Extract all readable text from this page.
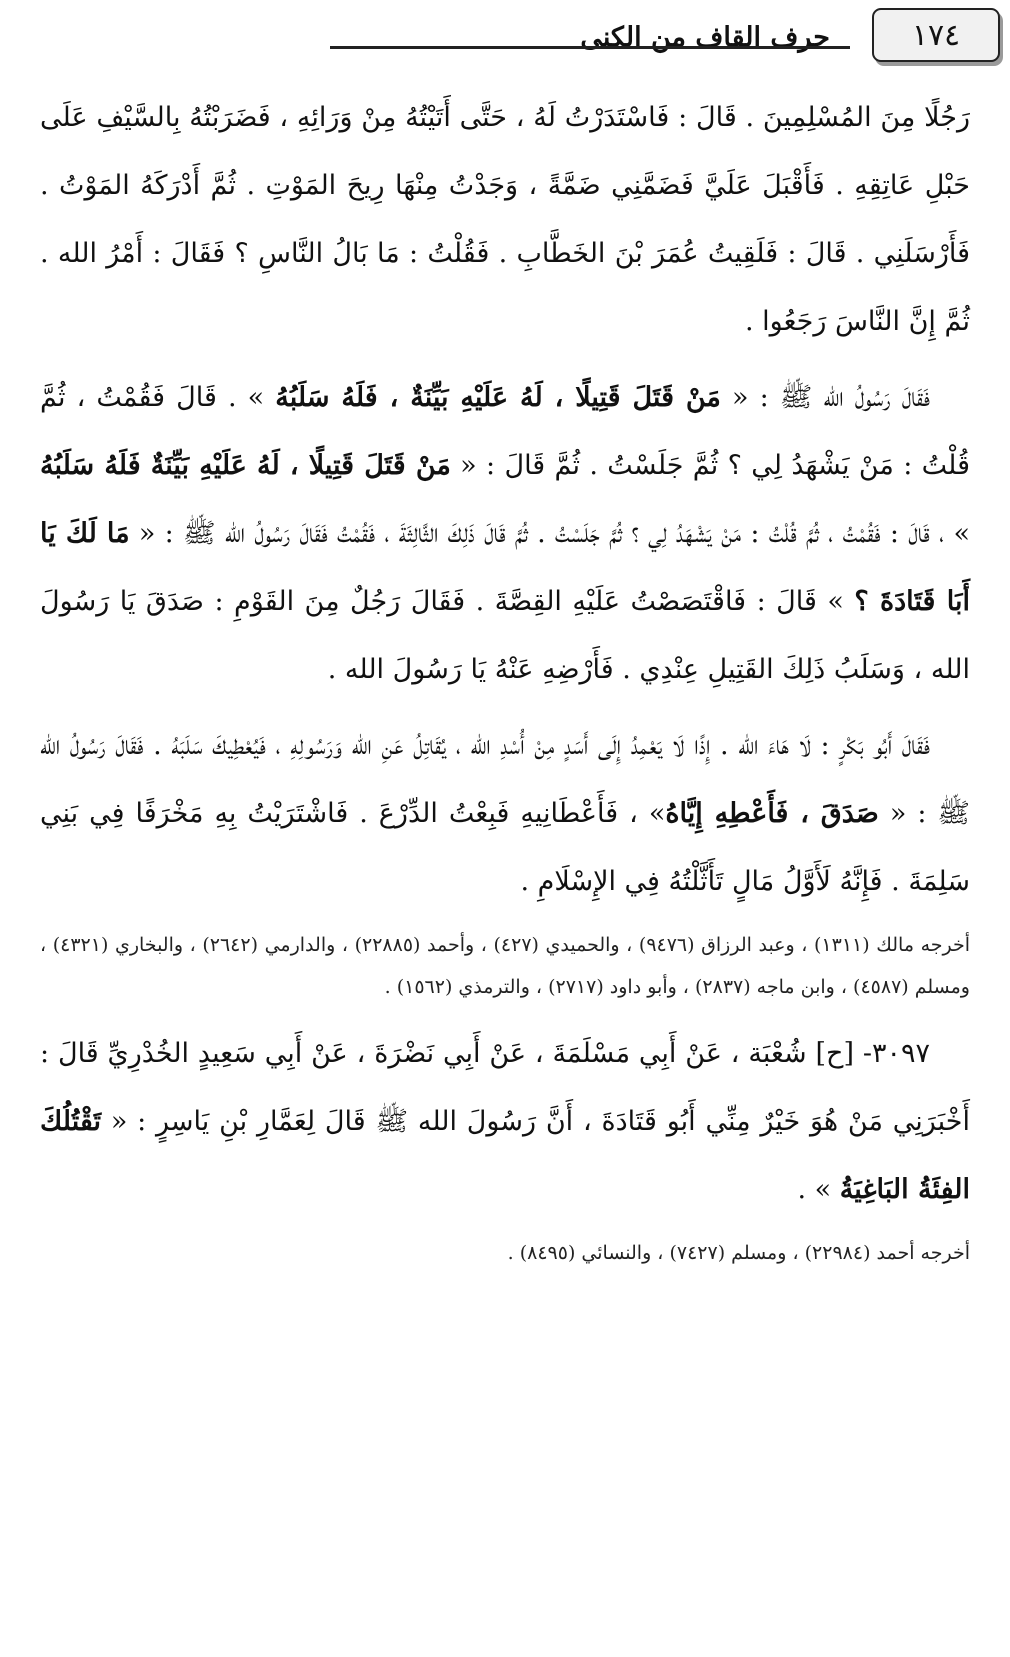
١٧٤
حرف القاف من الكنى

رَجُلًا مِنَ المُسْلِمِينَ . قَالَ : فَاسْتَدَرْتُ لَهُ ، حَتَّى أَتَيْتُهُ مِنْ وَرَائِهِ ، فَضَرَبْتُهُ بِالسَّيْفِ عَلَى حَبْلِ عَاتِقِهِ . فَأَقْبَلَ عَلَيَّ فَضَمَّنِي ضَمَّةً ، وَجَدْتُ مِنْهَا رِيحَ المَوْتِ . ثُمَّ أَدْرَكَهُ المَوْتُ . فَأَرْسَلَنِي . قَالَ : فَلَقِيتُ عُمَرَ بْنَ الخَطَّابِ . فَقُلْتُ : مَا بَالُ النَّاسِ ؟ فَقَالَ : أَمْرُ الله . ثُمَّ إِنَّ النَّاسَ رَجَعُوا .

فَقَالَ رَسُولُ الله ﷺ : « مَنْ قَتَلَ قَتِيلًا ، لَهُ عَلَيْهِ بَيِّنَةٌ ، فَلَهُ سَلَبُهُ » . قَالَ فَقُمْتُ ، ثُمَّ قُلْتُ : مَنْ يَشْهَدُ لِي ؟ ثُمَّ جَلَسْتُ . ثُمَّ قَالَ : « مَنْ قَتَلَ قَتِيلًا ، لَهُ عَلَيْهِ بَيِّنَةٌ فَلَهُ سَلَبُهُ » ، قَالَ : فَقُمْتُ ، ثُمَّ قُلْتُ : مَنْ يَشْهَدُ لِي ؟ ثُمَّ جَلَسْتُ . ثُمَّ قَالَ ذَلِكَ الثَّالِثَةَ ، فَقُمْتُ فَقَالَ رَسُولُ الله ﷺ : « مَا لَكَ يَا أَبَا قَتَادَةَ ؟ » قَالَ : فَاقْتَصَصْتُ عَلَيْهِ القِصَّةَ . فَقَالَ رَجُلٌ مِنَ القَوْمِ : صَدَقَ يَا رَسُولَ الله ، وَسَلَبُ ذَلِكَ القَتِيلِ عِنْدِي . فَأَرْضِهِ عَنْهُ يَا رَسُولَ الله .

فَقَالَ أَبُو بَكْرٍ : لَا هَاءَ الله . إِذًا لَا يَعْمِدُ إِلَى أَسَدٍ مِنْ أُسْدِ الله ، يُقَاتِلُ عَنِ الله وَرَسُولِهِ ، فَيُعْطِيكَ سَلَبَهُ . فَقَالَ رَسُولُ الله ﷺ : « صَدَقَ ، فَأَعْطِهِ إِيَّاهُ» ، فَأَعْطَانِيهِ فَبِعْتُ الدِّرْعَ . فَاشْتَرَيْتُ بِهِ مَخْرَفًا فِي بَنِي سَلِمَةَ . فَإِنَّهُ لَأَوَّلُ مَالٍ تَأَثَّلْتُهُ فِي الإِسْلَامِ .

أخرجه مالك (١٣١١) ، وعبد الرزاق (٩٤٧٦) ، والحميدي (٤٢٧) ، وأحمد (٢٢٨٨٥) ، والدارمي (٢٦٤٢) ، والبخاري (٤٣٢١) ، ومسلم (٤٥٨٧) ، وابن ماجه (٢٨٣٧) ، وأبو داود (٢٧١٧) ، والترمذي (١٥٦٢) .

٣٠٩٧- [ح] شُعْبَة ، عَنْ أَبِي مَسْلَمَةَ ، عَنْ أَبِي نَضْرَةَ ، عَنْ أَبِي سَعِيدٍ الخُدْرِيِّ قَالَ : أَخْبَرَنِي مَنْ هُوَ خَيْرٌ مِنِّي أَبُو قَتَادَةَ ، أَنَّ رَسُولَ الله ﷺ قَالَ لِعَمَّارِ بْنِ يَاسِرٍ : « تَقْتُلُكَ الفِئَةُ البَاغِيَةُ » .

أخرجه أحمد (٢٢٩٨٤) ، ومسلم (٧٤٢٧) ، والنسائي (٨٤٩٥) .
